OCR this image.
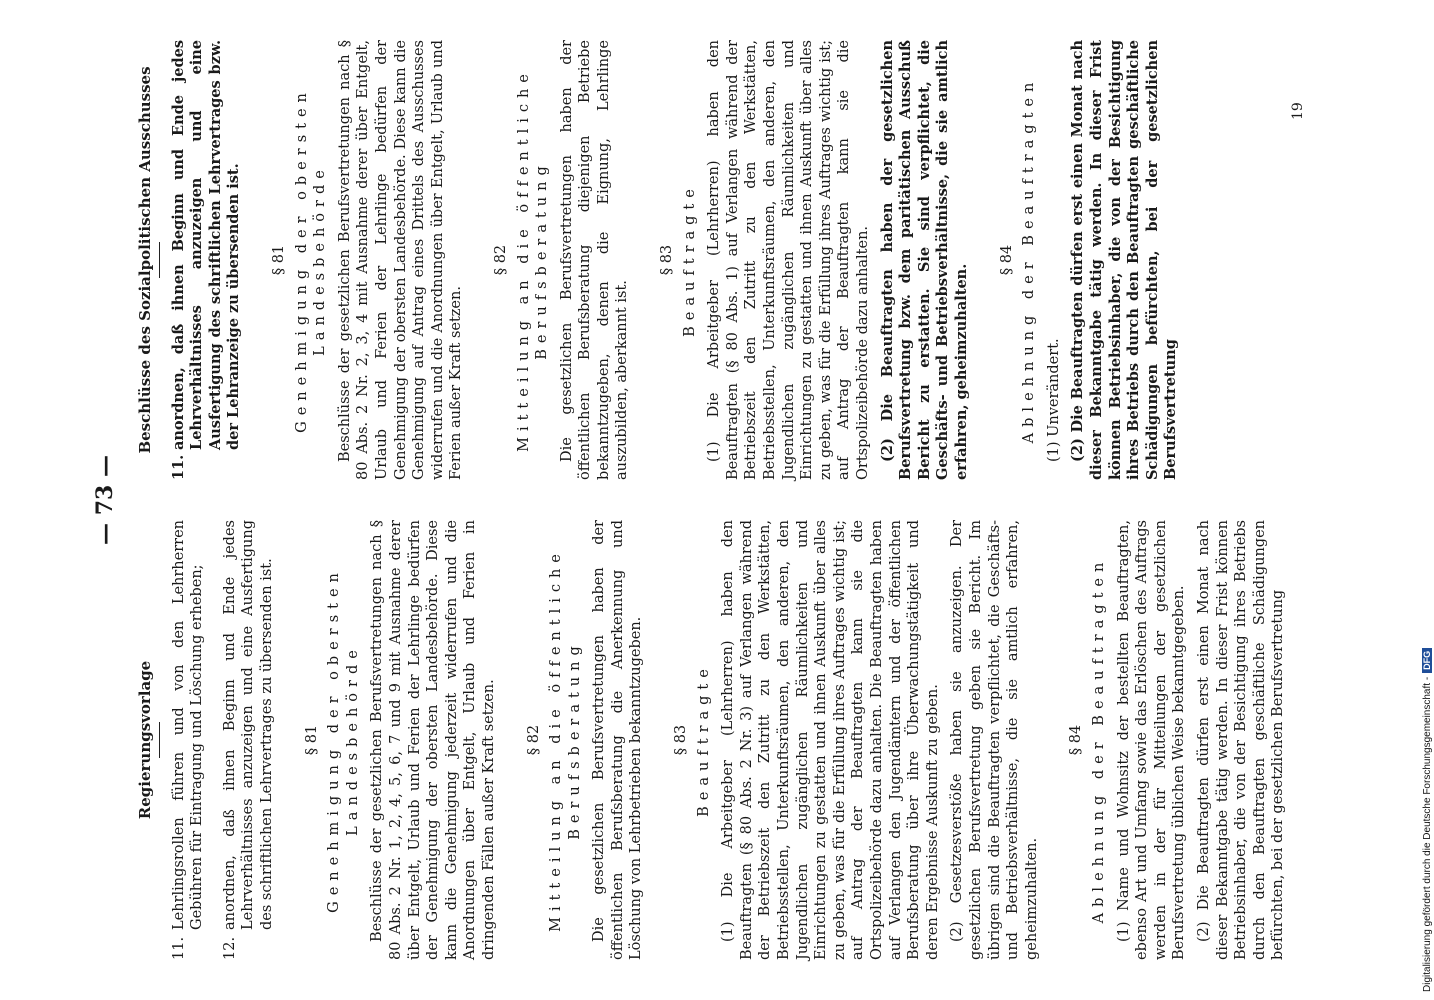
— 73 —
Regierungsvorlage
11.
Lehrlingsrollen führen und von den Lehrherren Gebühren für Eintragung und Löschung erheben;
12.
anordnen, daß ihnen Beginn und Ende jedes Lehrverhältnisses anzuzeigen und eine Ausfertigung des schriftlichen Lehrvertrages zu übersenden ist. § 81 Genehmigung der obersten Landesbehörde Beschlüsse der gesetzlichen Berufsvertretungen nach § 80 Abs. 2 Nr. 1, 2, 4, 5, 6, 7 und 9 mit Ausnahme derer über Entgelt, Urlaub und Ferien der Lehrlinge bedürfen der Genehmigung der obersten Landesbehörde. Diese kann die Genehmigung jederzeit widerrufen und die Anordnungen über Entgelt, Urlaub und Ferien in dringenden Fällen außer Kraft setzen. § 82 Mitteilung an die öffentliche Berufsberatung Die gesetzlichen Berufsvertretungen haben der öffentlichen Berufsberatung die Anerkennung und Löschung von Lehrbetrieben bekanntzugeben. § 83 Beauftragte (1) Die Arbeitgeber (Lehrherren) haben den Beauftragten (§ 80 Abs. 2 Nr. 3) auf Verlangen während der Betriebszeit den Zutritt zu den Werkstätten, Betriebsstellen, Unterkunftsräumen, den anderen, den Jugendlichen zugänglichen Räumlichkeiten und Einrichtungen zu gestatten und ihnen Auskunft über alles zu geben, was für die Erfüllung ihres Auftrages wichtig ist; auf Antrag der Beauftragten kann sie die Ortspolizeibehörde dazu anhalten. Die Beauftragten haben auf Verlangen den Jugendämtern und der öffentlichen Berufsberatung über ihre Überwachungstätigkeit und deren Ergebnisse Auskunft zu geben. (2) Gesetzesverstöße haben sie anzuzeigen. Der gesetzlichen Berufsvertretung geben sie Bericht. Im übrigen sind die Beauftragten verpflichtet, die Geschäfts- und Betriebsverhältnisse, die sie amtlich erfahren, geheimzuhalten.

§ 84 Ablehnung der Beauftragten (1) Name und Wohnsitz der bestellten Beauftragten, ebenso Art und Umfang sowie das Erlöschen des Auftrags werden in der für Mitteilungen der gesetzlichen Berufsvertretung üblichen Weise bekanntgegeben. (2) Die Beauftragten dürfen erst einen Monat nach dieser Bekanntgabe tätig werden. In dieser Frist können Betriebsinhaber, die von der Besichtigung ihres Betriebs durch den Beauftragten geschäftliche Schädigungen befürchten, bei der gesetzlichen Berufsvertretung

Beschlüsse des Sozialpolitischen Ausschusses
11.
anordnen, daß ihnen Beginn und Ende jedes Lehrverhältnisses anzuzeigen und eine Ausfertigung des schriftlichen Lehrvertrages bzw. der Lehranzeige zu übersenden ist. § 81 Genehmigung der obersten Landesbehörde Beschlüsse der gesetzlichen Berufsvertretungen nach § 80 Abs. 2 Nr. 2, 3, 4 mit Ausnahme derer über Entgelt, Urlaub und Ferien der Lehrlinge bedürfen der Genehmigung der obersten Landesbehörde. Diese kann die Genehmigung auf Antrag eines Drittels des Ausschusses widerrufen und die Anordnungen über Entgelt, Urlaub und Ferien außer Kraft setzen.

§ 82 Mitteilung an die öffentliche Berufsberatung Die gesetzlichen Berufsvertretungen haben der öffentlichen Berufsberatung diejenigen Betriebe bekanntzugeben, denen die Eignung, Lehrlinge auszubilden, aberkannt ist.

§ 83 Beauftragte (1) Die Arbeitgeber (Lehrherren) haben den Beauftragten (§ 80 Abs. 1) auf Verlangen während der Betriebszeit den Zutritt zu den Werkstätten, Betriebsstellen, Unterkunftsräumen, den anderen, den Jugendlichen zugänglichen Räumlichkeiten und Einrichtungen zu gestatten und ihnen Auskunft über alles zu geben, was für die Erfüllung ihres Auftrages wichtig ist; auf Antrag der Beauftragten kann sie die Ortspolizeibehörde dazu anhalten. (2) Die Beauftragten haben der gesetzlichen Berufsvertretung bzw. dem paritätischen Ausschuß Bericht zu erstatten. Sie sind verpflichtet, die Geschäfts- und Betriebsverhältnisse, die sie amtlich erfahren, geheimzuhalten.

§ 84 Ablehnung der Beauftragten (1) Unverändert. (2) Die Beauftragten dürfen erst einen Monat nach dieser Bekanntgabe tätig werden. In dieser Frist können Betriebsinhaber, die von der Besichtigung ihres Betriebs durch den Beauftragten geschäftliche Schädigungen befürchten, bei der gesetzlichen Berufsvertretung

19
Digitalisierung gefördert durch die Deutsche Forschungsgemeinschaft -
DFG
